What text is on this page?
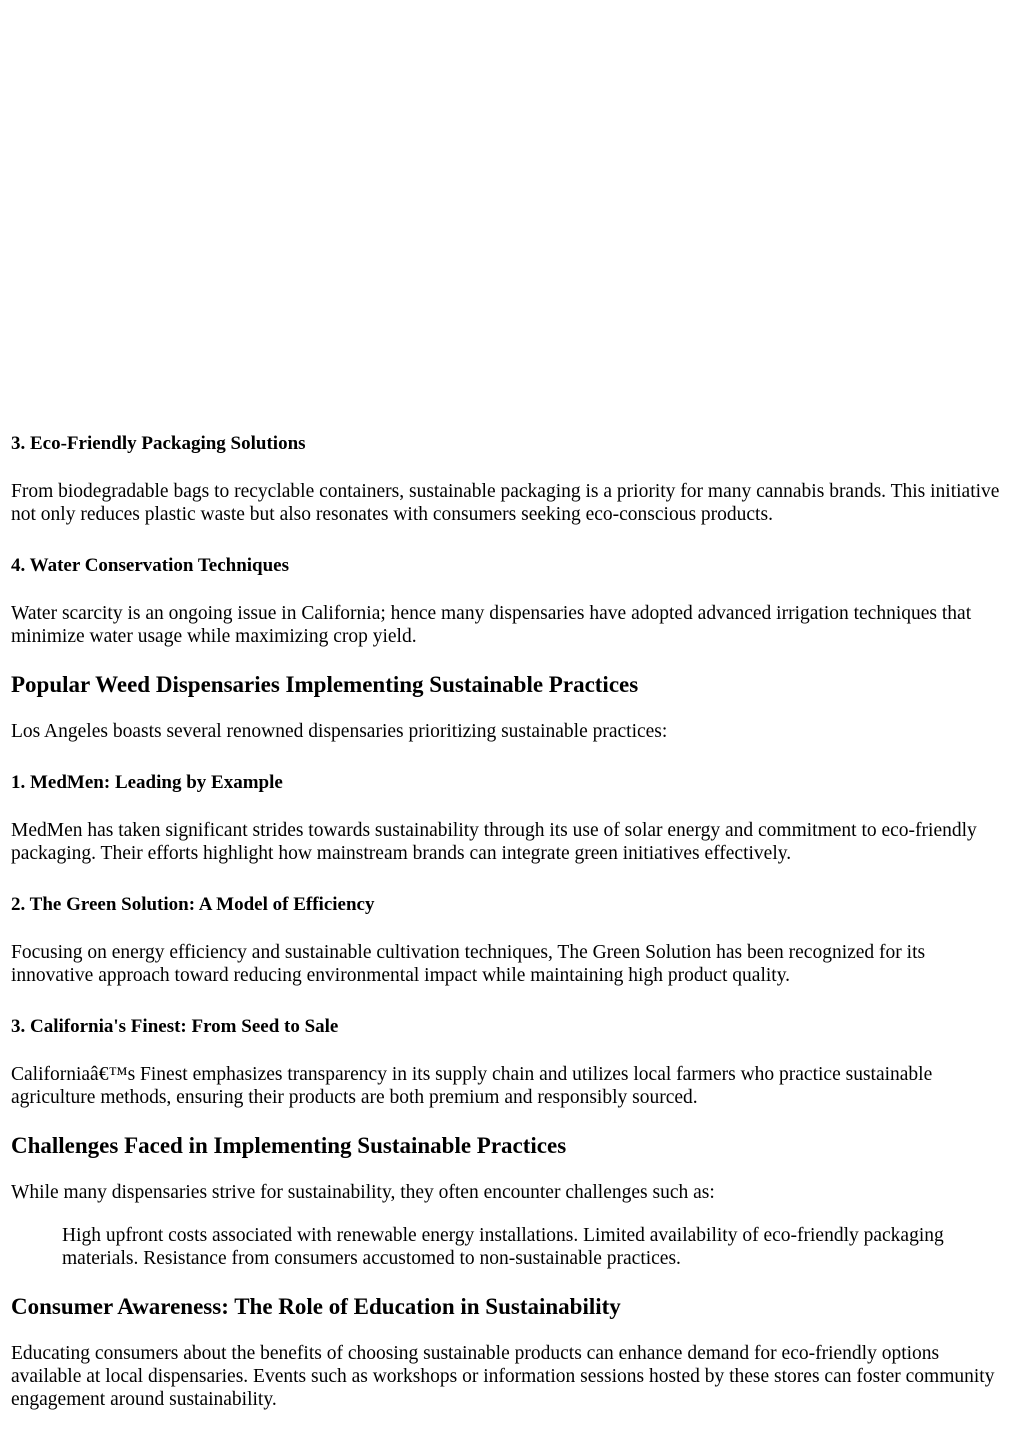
3. Eco-Friendly Packaging Solutions

From biodegradable bags to recyclable containers, sustainable packaging is a priority for many cannabis brands. This initiative not only reduces plastic waste but also resonates with consumers seeking eco-conscious products.

4. Water Conservation Techniques

Water scarcity is an ongoing issue in California; hence many dispensaries have adopted advanced irrigation techniques that minimize water usage while maximizing crop yield.

Popular Weed Dispensaries Implementing Sustainable Practices

Los Angeles boasts several renowned dispensaries prioritizing sustainable practices:

1. MedMen: Leading by Example

MedMen has taken significant strides towards sustainability through its use of solar energy and commitment to eco-friendly packaging. Their efforts highlight how mainstream brands can integrate green initiatives effectively.

2. The Green Solution: A Model of Efficiency

Focusing on energy efficiency and sustainable cultivation techniques, The Green Solution has been recognized for its innovative approach toward reducing environmental impact while maintaining high product quality.

3. California's Finest: From Seed to Sale

Californiaâ€™s Finest emphasizes transparency in its supply chain and utilizes local farmers who practice sustainable agriculture methods, ensuring their products are both premium and responsibly sourced.

Challenges Faced in Implementing Sustainable Practices

While many dispensaries strive for sustainability, they often encounter challenges such as:

High upfront costs associated with renewable energy installations. Limited availability of eco-friendly packaging materials. Resistance from consumers accustomed to non-sustainable practices.

Consumer Awareness: The Role of Education in Sustainability

Educating consumers about the benefits of choosing sustainable products can enhance demand for eco-friendly options available at local dispensaries. Events such as workshops or information sessions hosted by these stores can foster community engagement around sustainability.
